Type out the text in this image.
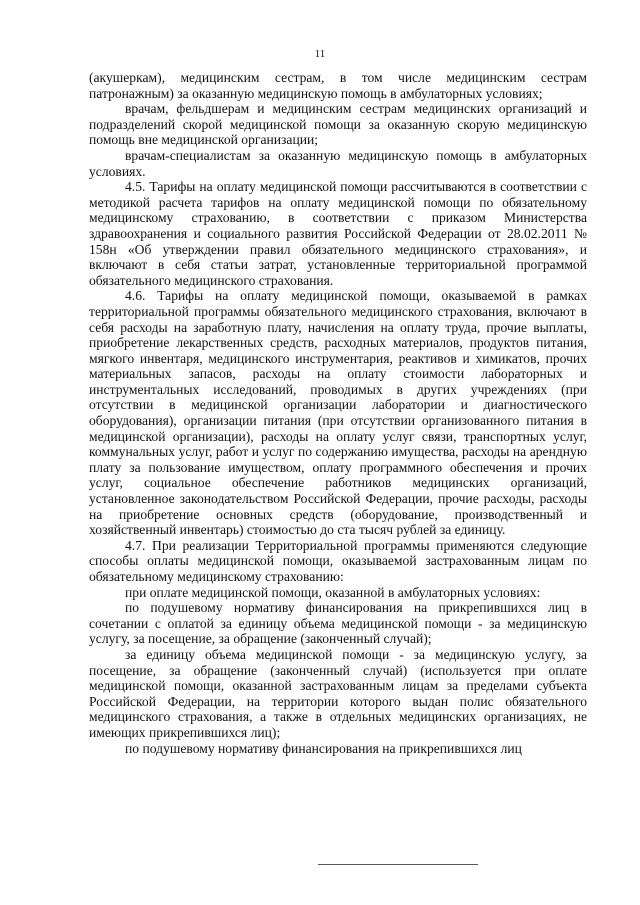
11

(акушеркам), медицинским сестрам, в том числе медицинским сестрам патронажным) за оказанную медицинскую помощь в амбулаторных условиях;

врачам, фельдшерам и медицинским сестрам медицинских организаций и подразделений скорой медицинской помощи за оказанную скорую медицинскую помощь вне медицинской организации;

врачам-специалистам за оказанную медицинскую помощь в амбулаторных условиях.

4.5. Тарифы на оплату медицинской помощи рассчитываются в соответствии с методикой расчета тарифов на оплату медицинской помощи по обязательному медицинскому страхованию, в соответствии с приказом Министерства здравоохранения и социального развития Российской Федерации от 28.02.2011 № 158н «Об утверждении правил обязательного медицинского страхования», и включают в себя статьи затрат, установленные территориальной программой обязательного медицинского страхования.

4.6. Тарифы на оплату медицинской помощи, оказываемой в рамках территориальной программы обязательного медицинского страхования, включают в себя расходы на заработную плату, начисления на оплату труда, прочие выплаты, приобретение лекарственных средств, расходных материалов, продуктов питания, мягкого инвентаря, медицинского инструментария, реактивов и химикатов, прочих материальных запасов, расходы на оплату стоимости лабораторных и инструментальных исследований, проводимых в других учреждениях (при отсутствии в медицинской организации лаборатории и диагностического оборудования), организации питания (при отсутствии организованного питания в медицинской организации), расходы на оплату услуг связи, транспортных услуг, коммунальных услуг, работ и услуг по содержанию имущества, расходы на арендную плату за пользование имуществом, оплату программного обеспечения и прочих услуг, социальное обеспечение работников медицинских организаций, установленное законодательством Российской Федерации, прочие расходы, расходы на приобретение основных средств (оборудование, производственный и хозяйственный инвентарь) стоимостью до ста тысяч рублей за единицу.

4.7. При реализации Территориальной программы применяются следующие способы оплаты медицинской помощи, оказываемой застрахованным лицам по обязательному медицинскому страхованию:

при оплате медицинской помощи, оказанной в амбулаторных условиях:

по подушевому нормативу финансирования на прикрепившихся лиц в сочетании с оплатой за единицу объема медицинской помощи - за медицинскую услугу, за посещение, за обращение (законченный случай);

за единицу объема медицинской помощи - за медицинскую услугу, за посещение, за обращение (законченный случай) (используется при оплате медицинской помощи, оказанной застрахованным лицам за пределами субъекта Российской Федерации, на территории которого выдан полис обязательного медицинского страхования, а также в отдельных медицинских организациях, не имеющих прикрепившихся лиц);

по подушевому нормативу финансирования на прикрепившихся лиц
